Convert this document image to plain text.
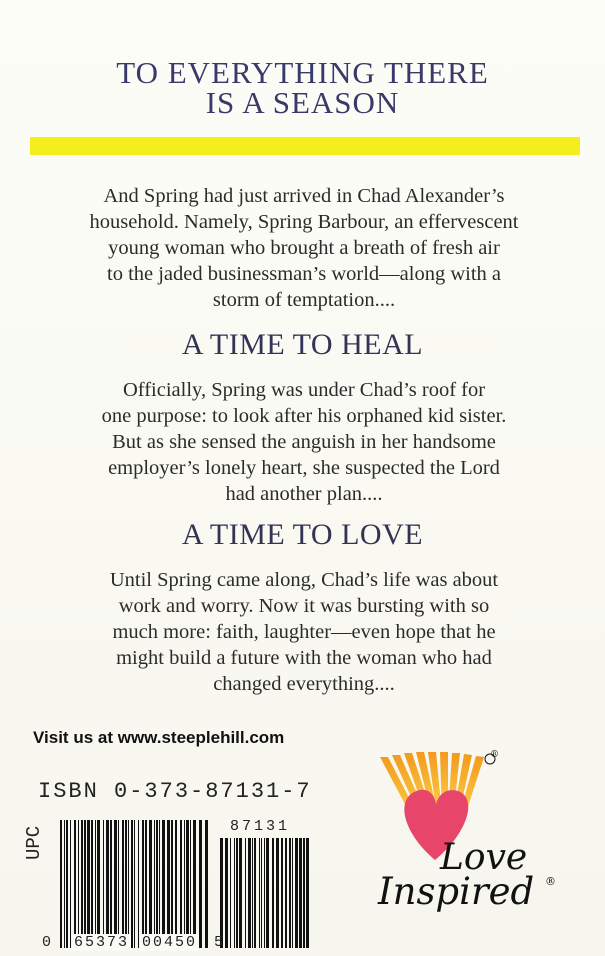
TO EVERYTHING THERE
IS A SEASON
And Spring had just arrived in Chad Alexander’s
household. Namely, Spring Barbour, an effervescent
young woman who brought a breath of fresh air
to the jaded businessman’s world—along with a
storm of temptation....
A TIME TO HEAL
Officially, Spring was under Chad’s roof for
one purpose: to look after his orphaned kid sister.
But as she sensed the anguish in her handsome
employer’s lonely heart, she suspected the Lord
had another plan....
A TIME TO LOVE
Until Spring came along, Chad’s life was about
work and worry. Now it was bursting with so
much more: faith, laughter—even hope that he
might build a future with the woman who had
changed everything....
Visit us at www.steeplehill.com
ISBN 0-373-87131-7
UPC	87131
0 65373 00450 5
®
Love
Inspired ®
